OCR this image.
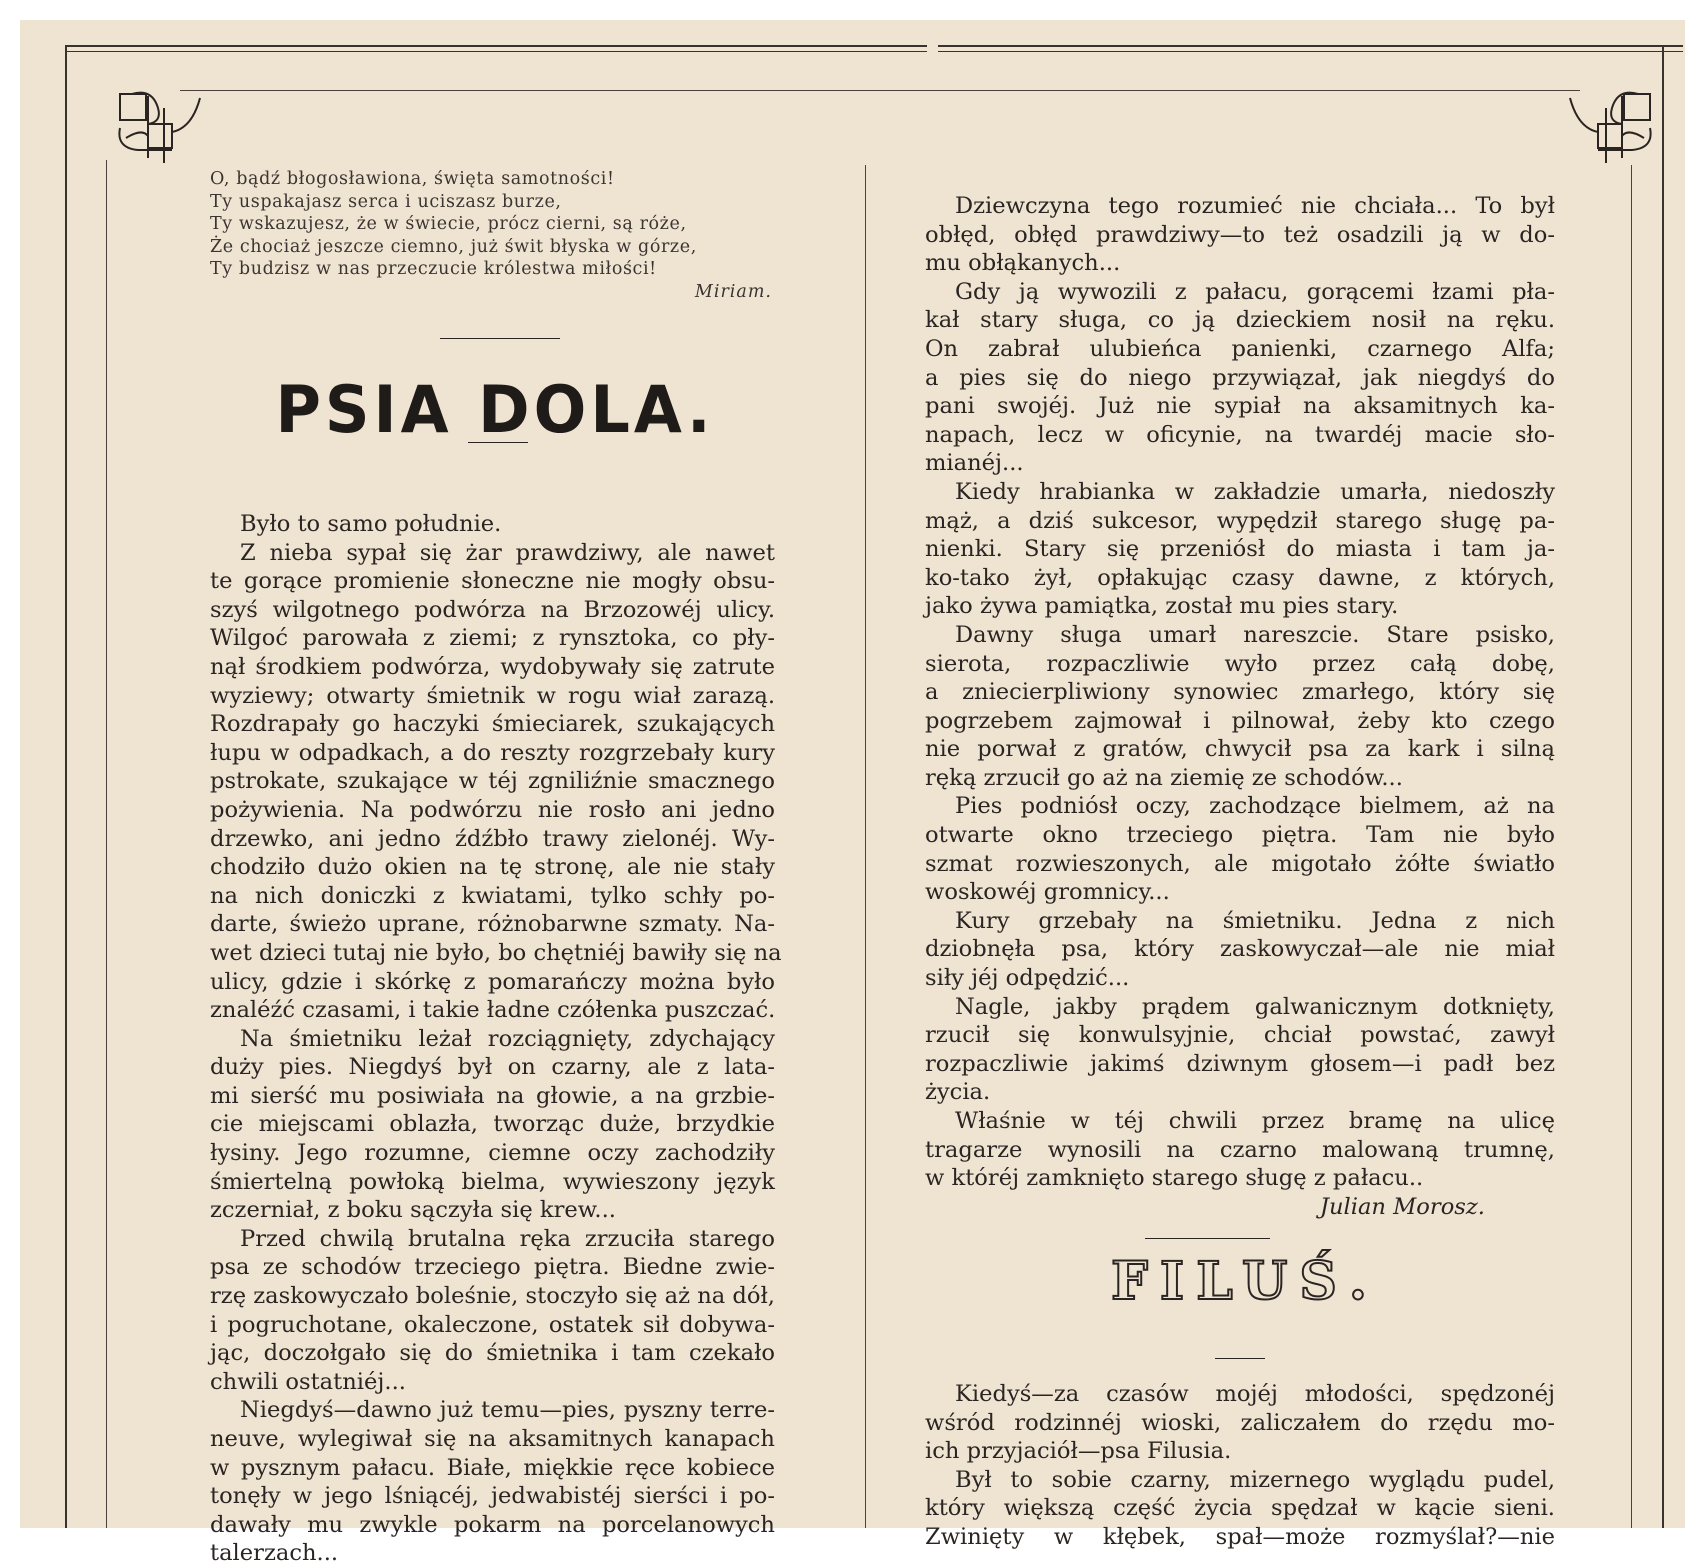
O, bądź błogosławiona, święta samotności!
Ty uspakajasz serca i uciszasz burze,
Ty wskazujesz, że w świecie, prócz cierni, są róże,
Że chociaż jeszcze ciemno, już świt błyska w górze,
Ty budzisz w nas przeczucie królestwa miłości!
Miriam.
PSIA DOLA.
Było to samo południe.
Z nieba sypał się żar prawdziwy, ale nawet
te gorące promienie słoneczne nie mogły obsu-
szyś wilgotnego podwórza na Brzozowéj ulicy.
Wilgoć parowała z ziemi; z rynsztoka, co pły-
nął środkiem podwórza, wydobywały się zatrute
wyziewy; otwarty śmietnik w rogu wiał zarazą.
Rozdrapały go haczyki śmieciarek, szukających
łupu w odpadkach, a do reszty rozgrzebały kury
pstrokate, szukające w téj zgniliźnie smacznego
pożywienia. Na podwórzu nie rosło ani jedno
drzewko, ani jedno źdźbło trawy zielonéj. Wy-
chodziło dużo okien na tę stronę, ale nie stały
na nich doniczki z kwiatami, tylko schły po-
darte, świeżo uprane, różnobarwne szmaty. Na-
wet dzieci tutaj nie było, bo chętniéj bawiły się na
ulicy, gdzie i skórkę z pomarańczy można było
znaléźć czasami, i takie ładne czółenka puszczać.
Na śmietniku leżał rozciągnięty, zdychający
duży pies. Niegdyś był on czarny, ale z lata-
mi sierść mu posiwiała na głowie, a na grzbie-
cie miejscami oblazła, tworząc duże, brzydkie
łysiny. Jego rozumne, ciemne oczy zachodziły
śmiertelną powłoką bielma, wywieszony język
zczerniał, z boku sączyła się krew...
Przed chwilą brutalna ręka zrzuciła starego
psa ze schodów trzeciego piętra. Biedne zwie-
rzę zaskowyczało boleśnie, stoczyło się aż na dół,
i pogruchotane, okaleczone, ostatek sił dobywa-
jąc, doczołgało się do śmietnika i tam czekało
chwili ostatniéj...
Niegdyś—dawno już temu—pies, pyszny terre-
neuve, wylegiwał się na aksamitnych kanapach
w pysznym pałacu. Białe, miękkie ręce kobiece
tonęły w jego lśniącéj, jedwabistéj sierści i po-
dawały mu zwykle pokarm na porcelanowych
talerzach...
Dziewczyna tego rozumieć nie chciała... To był
obłęd, obłęd prawdziwy—to też osadzili ją w do-
mu obłąkanych...
Gdy ją wywozili z pałacu, gorącemi łzami pła-
kał stary sługa, co ją dzieckiem nosił na ręku.
On zabrał ulubieńca panienki, czarnego Alfa;
a pies się do niego przywiązał, jak niegdyś do
pani swojéj. Już nie sypiał na aksamitnych ka-
napach, lecz w oficynie, na twardéj macie sło-
mianéj...
Kiedy hrabianka w zakładzie umarła, niedoszły
mąż, a dziś sukcesor, wypędził starego sługę pa-
nienki. Stary się przeniósł do miasta i tam ja-
ko-tako żył, opłakując czasy dawne, z których,
jako żywa pamiątka, został mu pies stary.
Dawny sługa umarł nareszcie. Stare psisko,
sierota, rozpaczliwie wyło przez całą dobę,
a zniecierpliwiony synowiec zmarłego, który się
pogrzebem zajmował i pilnował, żeby kto czego
nie porwał z gratów, chwycił psa za kark i silną
ręką zrzucił go aż na ziemię ze schodów...
Pies podniósł oczy, zachodzące bielmem, aż na
otwarte okno trzeciego piętra. Tam nie było
szmat rozwieszonych, ale migotało żółte światło
woskowéj gromnicy...
Kury grzebały na śmietniku. Jedna z nich
dziobnęła psa, który zaskowyczał—ale nie miał
siły jéj odpędzić...
Nagle, jakby prądem galwanicznym dotknięty,
rzucił się konwulsyjnie, chciał powstać, zawył
rozpaczliwie jakimś dziwnym głosem—i padł bez
życia.
Właśnie w téj chwili przez bramę na ulicę
tragarze wynosili na czarno malowaną trumnę,
w któréj zamknięto starego sługę z pałacu..
Julian Morosz.
FILUŚ.
Kiedyś—za czasów mojéj młodości, spędzonéj
wśród rodzinnéj wioski, zaliczałem do rzędu mo-
ich przyjaciół—psa Filusia.
Był to sobie czarny, mizernego wyglądu pudel,
który większą część życia spędzał w kącie sieni.
Zwinięty w kłębek, spał—może rozmyślał?—nie
